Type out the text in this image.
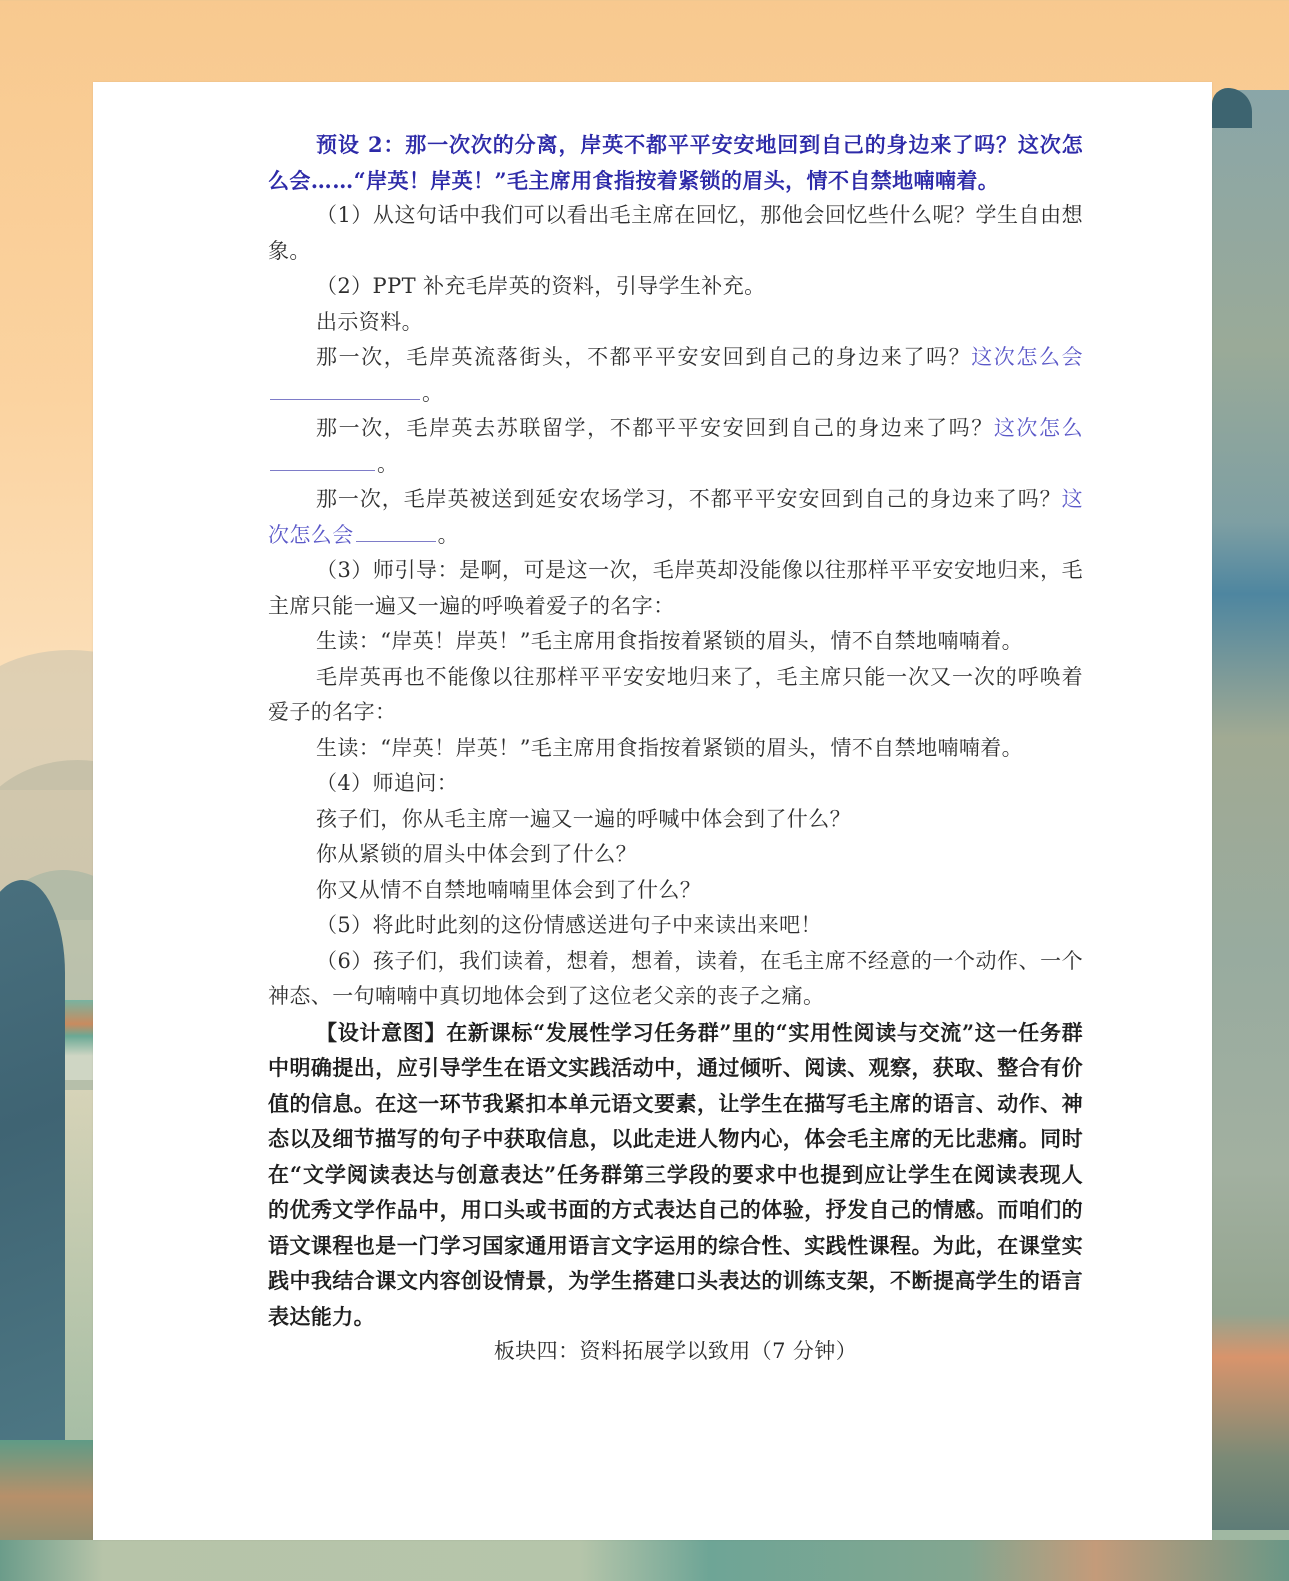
预设 2：那一次次的分离，岸英不都平平安安地回到自己的身边来了吗？这次怎么会……“岸英！岸英！”毛主席用食指按着紧锁的眉头，情不自禁地喃喃着。

（1）从这句话中我们可以看出毛主席在回忆，那他会回忆些什么呢？学生自由想象。

（2）PPT 补充毛岸英的资料，引导学生补充。

出示资料。

那一次，毛岸英流落街头，不都平平安安回到自己的身边来了吗？这次怎么会。

那一次，毛岸英去苏联留学，不都平平安安回到自己的身边来了吗？这次怎么。

那一次，毛岸英被送到延安农场学习，不都平平安安回到自己的身边来了吗？这次怎么会	。

（3）师引导：是啊，可是这一次，毛岸英却没能像以往那样平平安安地归来，毛主席只能一遍又一遍的呼唤着爱子的名字：

生读：“岸英！岸英！”毛主席用食指按着紧锁的眉头，情不自禁地喃喃着。

毛岸英再也不能像以往那样平平安安地归来了，毛主席只能一次又一次的呼唤着爱子的名字：

生读：“岸英！岸英！”毛主席用食指按着紧锁的眉头，情不自禁地喃喃着。

（4）师追问：

孩子们，你从毛主席一遍又一遍的呼喊中体会到了什么？

你从紧锁的眉头中体会到了什么？

你又从情不自禁地喃喃里体会到了什么？

（5）将此时此刻的这份情感送进句子中来读出来吧！

（6）孩子们，我们读着，想着，想着，读着，在毛主席不经意的一个动作、一个神态、一句喃喃中真切地体会到了这位老父亲的丧子之痛。

【设计意图】在新课标“发展性学习任务群”里的“实用性阅读与交流”这一任务群中明确提出，应引导学生在语文实践活动中，通过倾听、阅读、观察，获取、整合有价值的信息。在这一环节我紧扣本单元语文要素，让学生在描写毛主席的语言、动作、神态以及细节描写的句子中获取信息，以此走进人物内心，体会毛主席的无比悲痛。同时在“文学阅读表达与创意表达”任务群第三学段的要求中也提到应让学生在阅读表现人的优秀文学作品中，用口头或书面的方式表达自己的体验，抒发自己的情感。而咱们的语文课程也是一门学习国家通用语言文字运用的综合性、实践性课程。为此，在课堂实践中我结合课文内容创设情景，为学生搭建口头表达的训练支架，不断提高学生的语言表达能力。

板块四：资料拓展学以致用（7 分钟）
